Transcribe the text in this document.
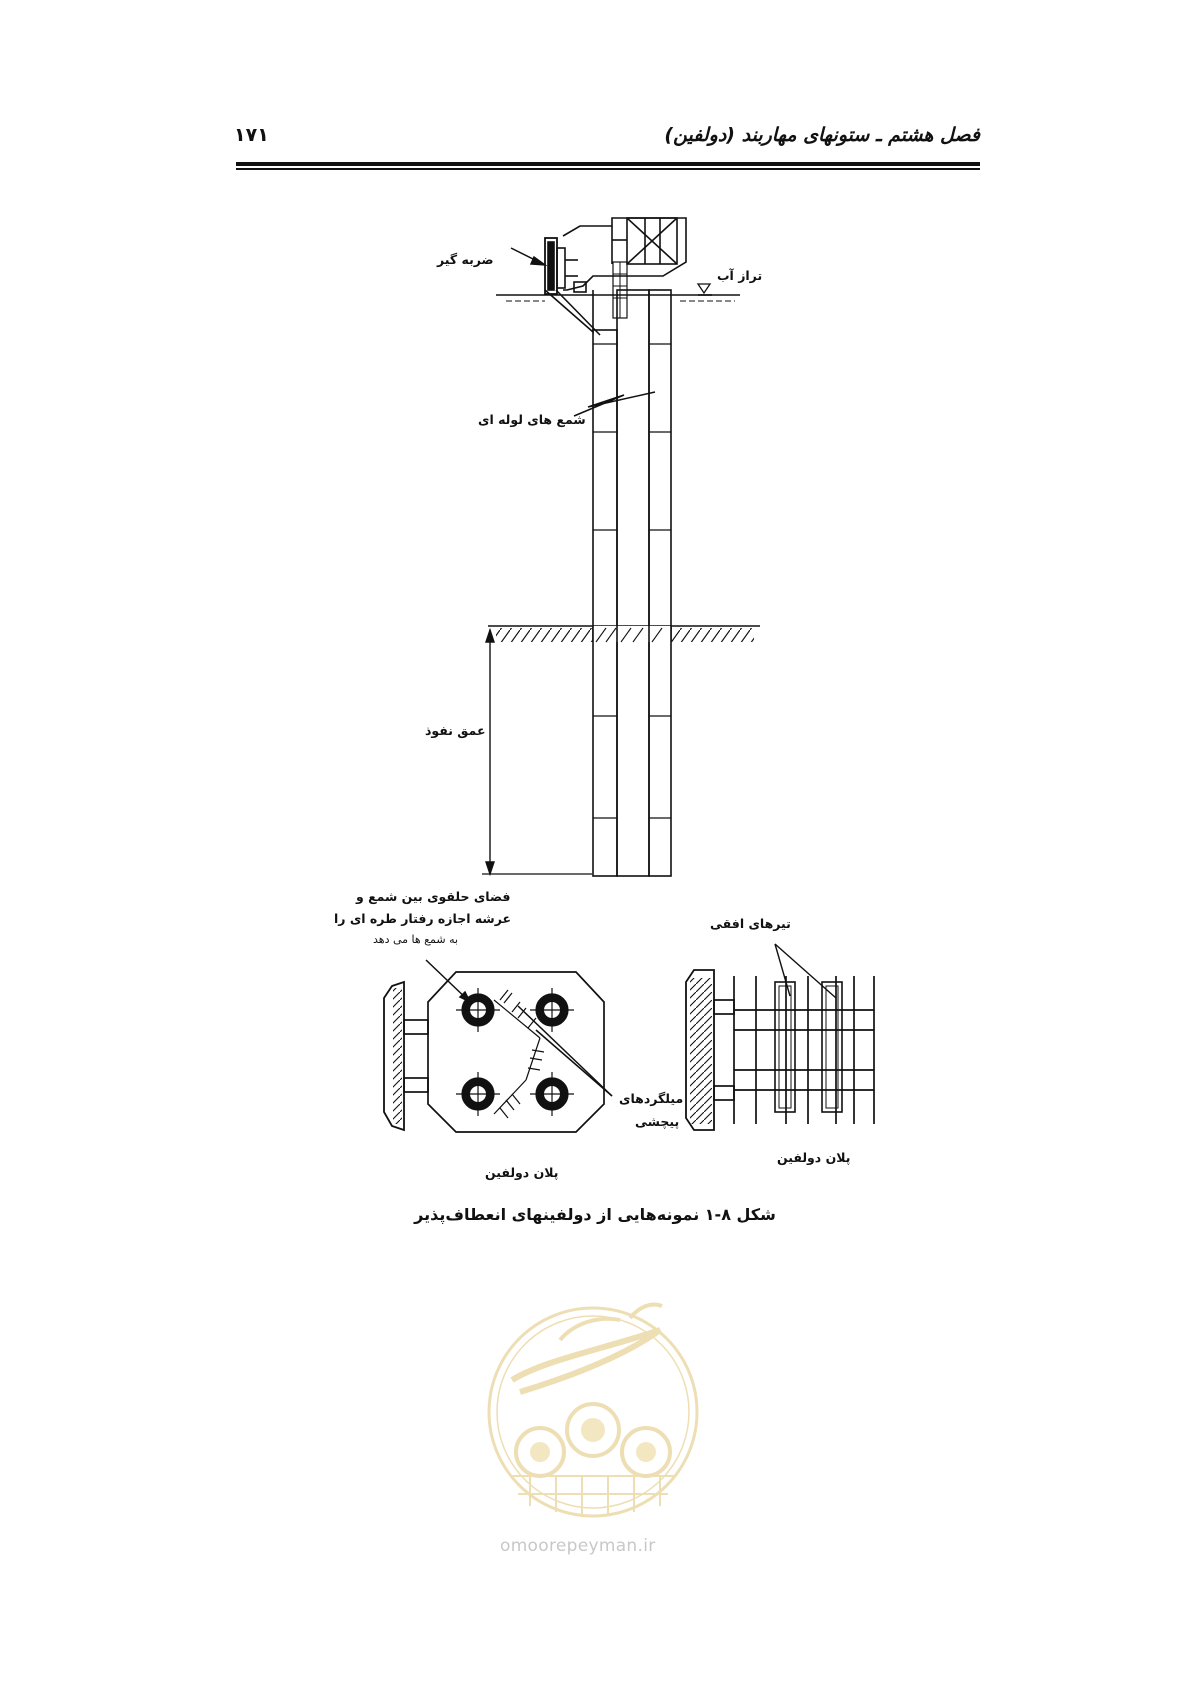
فصل هشتم ـ ستونهای مهاربند (دولفین)
۱۷۱
ضربه گیر
تراز آب
شمع های لوله ای
عمق نفوذ
فضای حلقوی بین شمع و
عرشه اجازه رفتار طره ای را
به شمع ها می دهد
تیرهای افقی
میلگردهای
پیچشی
پلان دولفین
پلان دولفین
شکل ۸-۱ نمونه‌هایی از دولفینهای انعطاف‌پذیر
omoorepeyman.ir
